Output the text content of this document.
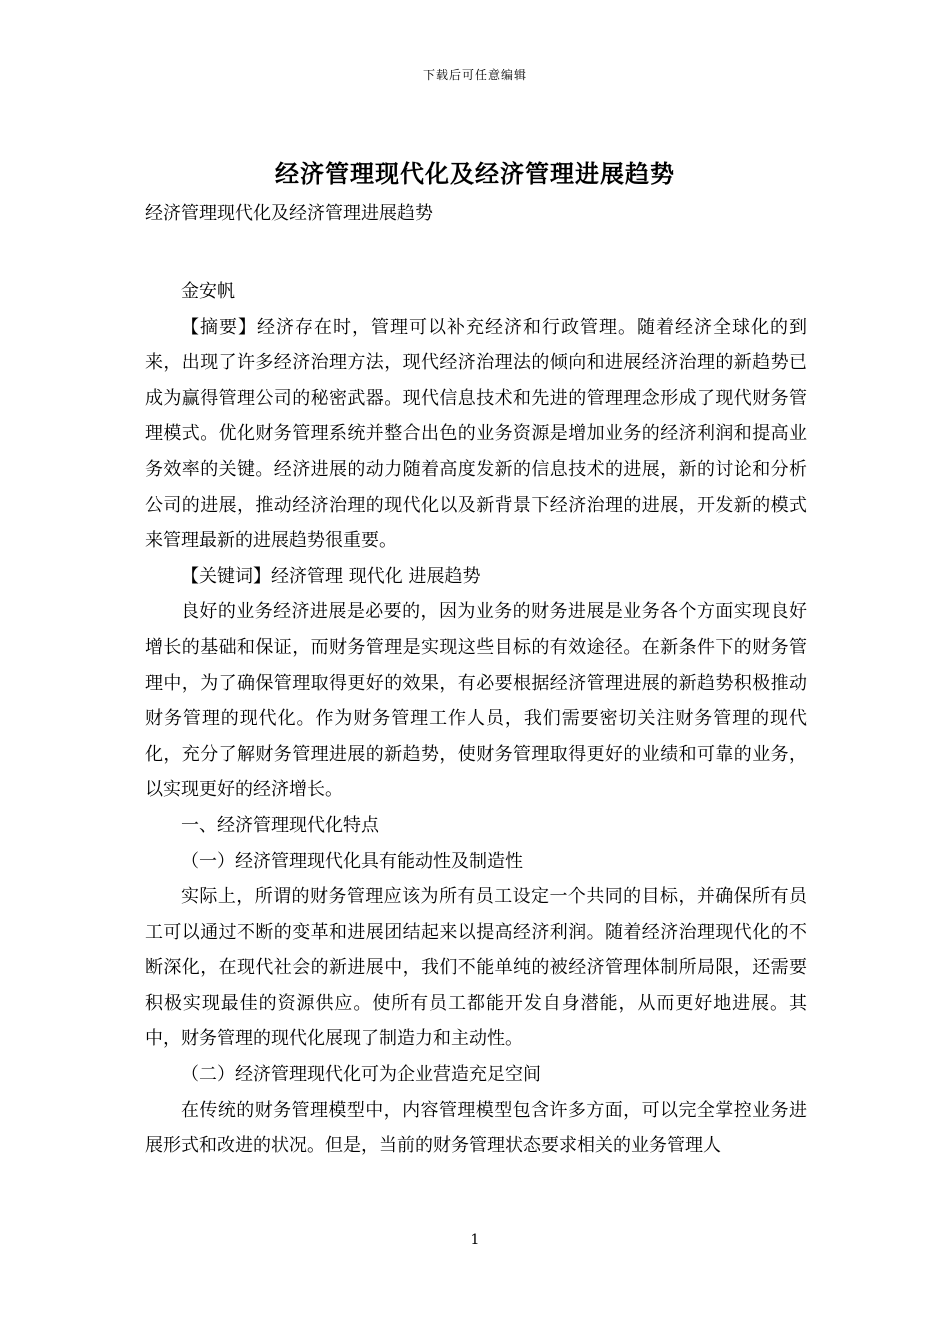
下载后可任意编辑
经济管理现代化及经济管理进展趋势
经济管理现代化及经济管理进展趋势

金安帆

【摘要】经济存在时，管理可以补充经济和行政管理。随着经济全球化的到来，出现了许多经济治理方法，现代经济治理法的倾向和进展经济治理的新趋势已成为赢得管理公司的秘密武器。现代信息技术和先进的管理理念形成了现代财务管理模式。优化财务管理系统并整合出色的业务资源是增加业务的经济利润和提高业务效率的关键。经济进展的动力随着高度发新的信息技术的进展，新的讨论和分析公司的进展，推动经济治理的现代化以及新背景下经济治理的进展，开发新的模式来管理最新的进展趋势很重要。

【关键词】经济管理 现代化 进展趋势

良好的业务经济进展是必要的，因为业务的财务进展是业务各个方面实现良好增长的基础和保证，而财务管理是实现这些目标的有效途径。在新条件下的财务管理中，为了确保管理取得更好的效果，有必要根据经济管理进展的新趋势积极推动财务管理的现代化。作为财务管理工作人员，我们需要密切关注财务管理的现代化，充分了解财务管理进展的新趋势，使财务管理取得更好的业绩和可靠的业务，以实现更好的经济增长。

一、经济管理现代化特点

（一）经济管理现代化具有能动性及制造性

实际上，所谓的财务管理应该为所有员工设定一个共同的目标，并确保所有员工可以通过不断的变革和进展团结起来以提高经济利润。随着经济治理现代化的不断深化，在现代社会的新进展中，我们不能单纯的被经济管理体制所局限，还需要积极实现最佳的资源供应。使所有员工都能开发自身潜能，从而更好地进展。其中，财务管理的现代化展现了制造力和主动性。

（二）经济管理现代化可为企业营造充足空间

在传统的财务管理模型中，内容管理模型包含许多方面，可以完全掌控业务进展形式和改进的状况。但是，当前的财务管理状态要求相关的业务管理人

1
